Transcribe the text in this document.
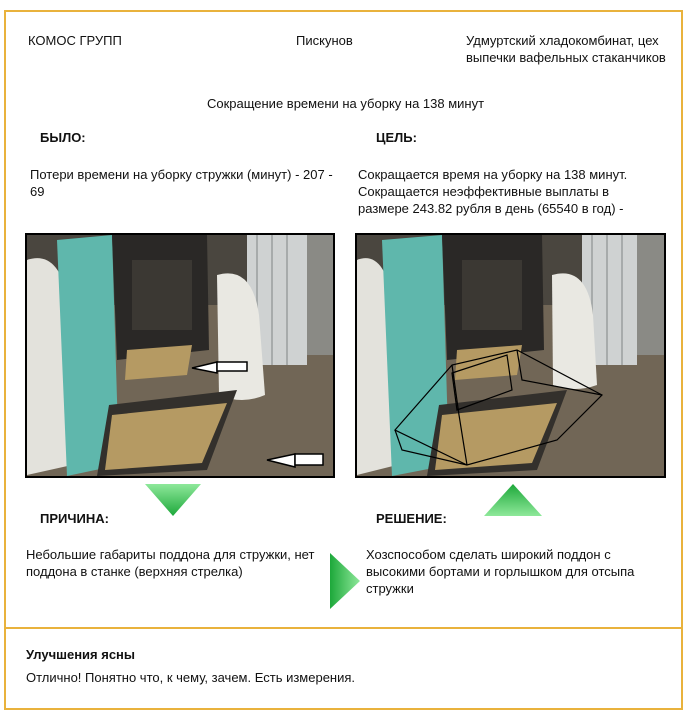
КОМОС ГРУПП	Пискунов	Удмуртский хладокомбинат, цех выпечки вафельных стаканчиков
Сокращение времени на уборку на 138 минут
БЫЛО:	ЦЕЛЬ:
Потери времени на уборку стружки (минут) - 207 - 69
Сокращается время на уборку на 138 минут. Сокращается неэффективные выплаты в размере 243.82 рубля в день (65540 в год) -
ПРИЧИНА:	РЕШЕНИЕ:
Небольшие габариты поддона для стружки, нет поддона в станке (верхняя стрелка)
Хозспособом сделать широкий поддон с высокими бортами и горлышком для отсыпа стружки
Улучшения ясны
Отлично! Понятно что, к чему, зачем. Есть измерения.
